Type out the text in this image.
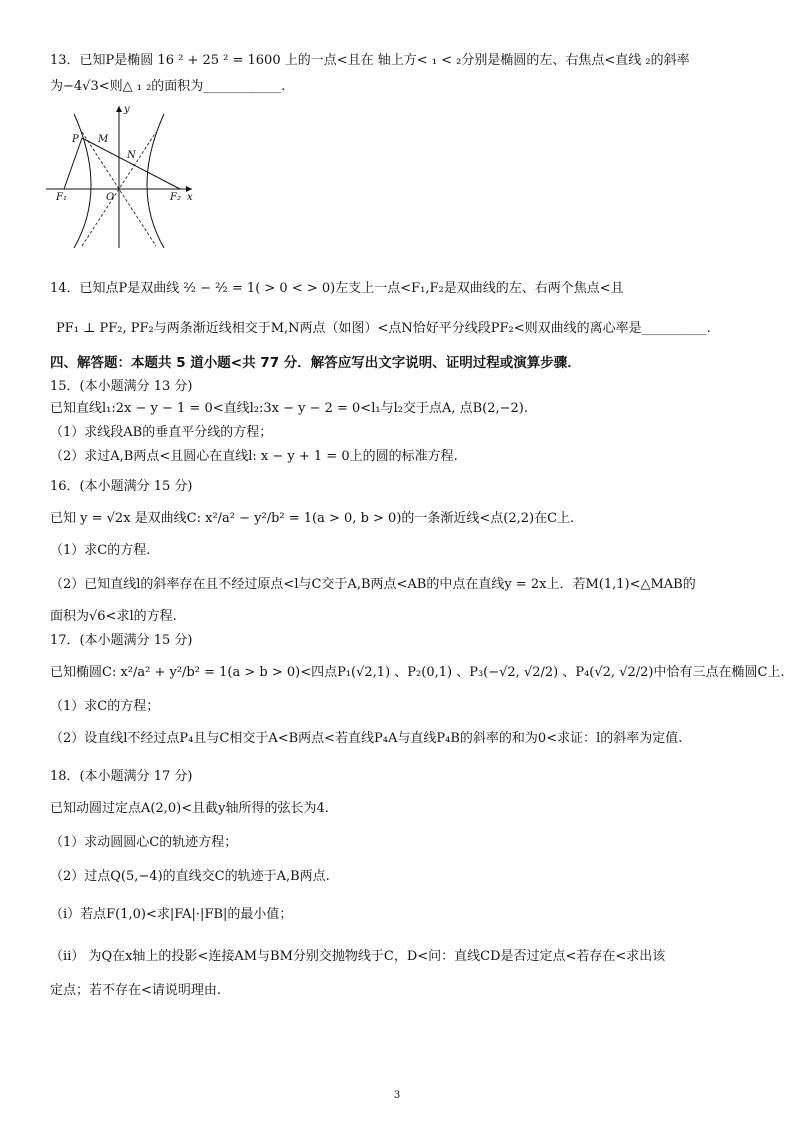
13．已知P是椭圆 16 ² + 25 ² = 1600 上的一点<且在 轴上方< ₁ < ₂分别是椭圆的左、右焦点<直线 ₂的斜率
为−4√3<则△ ₁ ₂的面积为____________.
y
x
P M
N
O
F₁	F₂
14．已知点P是双曲线 ²⁄₂ − ²⁄₂ = 1( > 0 < > 0)左支上一点<F₁,F₂是双曲线的左、右两个焦点<且
PF₁ ⊥ PF₂, PF₂与两条渐近线相交于M,N两点（如图）<点N恰好平分线段PF₂<则双曲线的离心率是__________.
四、解答题：本题共 5 道小题<共 77 分．解答应写出文字说明、证明过程或演算步骤．
15．(本小题满分 13 分)
已知直线l₁:2x − y − 1 = 0<直线l₂:3x − y − 2 = 0<l₁与l₂交于点A, 点B(2,−2).
（1）求线段AB的垂直平分线的方程；
（2）求过A,B两点<且圆心在直线l: x − y + 1 = 0上的圆的标准方程.
16．(本小题满分 15 分)
已知 y = √2x 是双曲线C: x²/a² − y²/b² = 1(a > 0, b > 0)的一条渐近线<点(2,2)在C上.
（1）求C的方程.
（2）已知直线l的斜率存在且不经过原点<l与C交于A,B两点<AB的中点在直线y = 2x上．若M(1,1)<△MAB的
面积为√6<求l的方程.
17．(本小题满分 15 分)
已知椭圆C: x²/a² + y²/b² = 1(a > b > 0)<四点P₁(√2,1) 、P₂(0,1) 、P₃(−√2, √2/2) 、P₄(√2, √2/2)中恰有三点在椭圆C上.
（1）求C的方程；
（2）设直线l不经过点P₄且与C相交于A<B两点<若直线P₄A与直线P₄B的斜率的和为0<求证：l的斜率为定值.
18．(本小题满分 17 分)
已知动圆过定点A(2,0)<且截y轴所得的弦长为4.
（1）求动圆圆心C的轨迹方程；
（2）过点Q(5,−4)的直线交C的轨迹于A,B两点.
（ⅰ）若点F(1,0)<求|FA|·|FB|的最小值；
（ⅱ） 为Q在x轴上的投影<连接AM与BM分别交抛物线于C，D<问：直线CD是否过定点<若存在<求出该
定点；若不存在<请说明理由.
3
